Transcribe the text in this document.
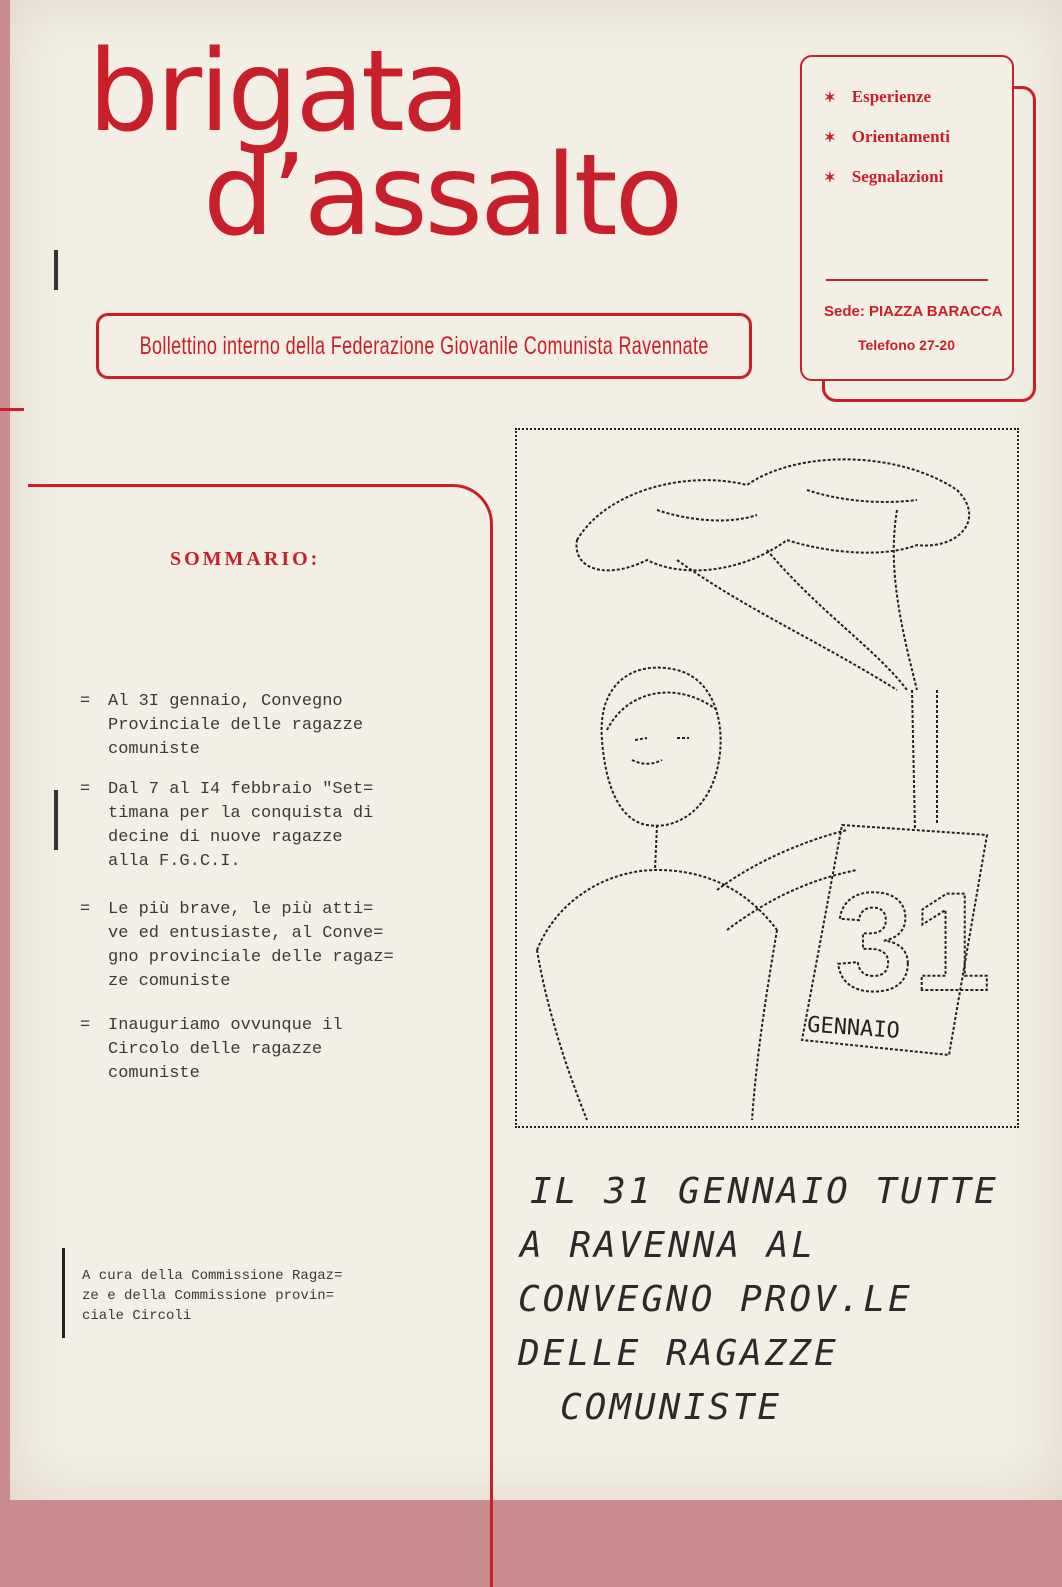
brigata
d’assalto
Bollettino interno della Federazione Giovanile Comunista Ravennate
✶ Esperienze
✶ Orientamenti
✶ Segnalazioni
Sede: PIAZZA BARACCA
Telefono 27-20
SOMMARIO:
= Al 3I gennaio, Convegno
Provinciale delle ragazze
comuniste
= Dal 7 al I4 febbraio "Set=
timana per la conquista di
decine di nuove ragazze
alla F.G.C.I.
= Le più brave, le più atti=
ve ed entusiaste, al Conve=
gno provinciale delle ragaz=
ze comuniste
= Inauguriamo ovvunque il
Circolo delle ragazze
comuniste
A cura della Commissione Ragaz=
ze e della Commissione provin=
ciale Circoli
31
GENNAIO
IL 31 GENNAIO TUTTE
A RAVENNA AL
CONVEGNO PROV.LE
DELLE RAGAZZE
COMUNISTE
